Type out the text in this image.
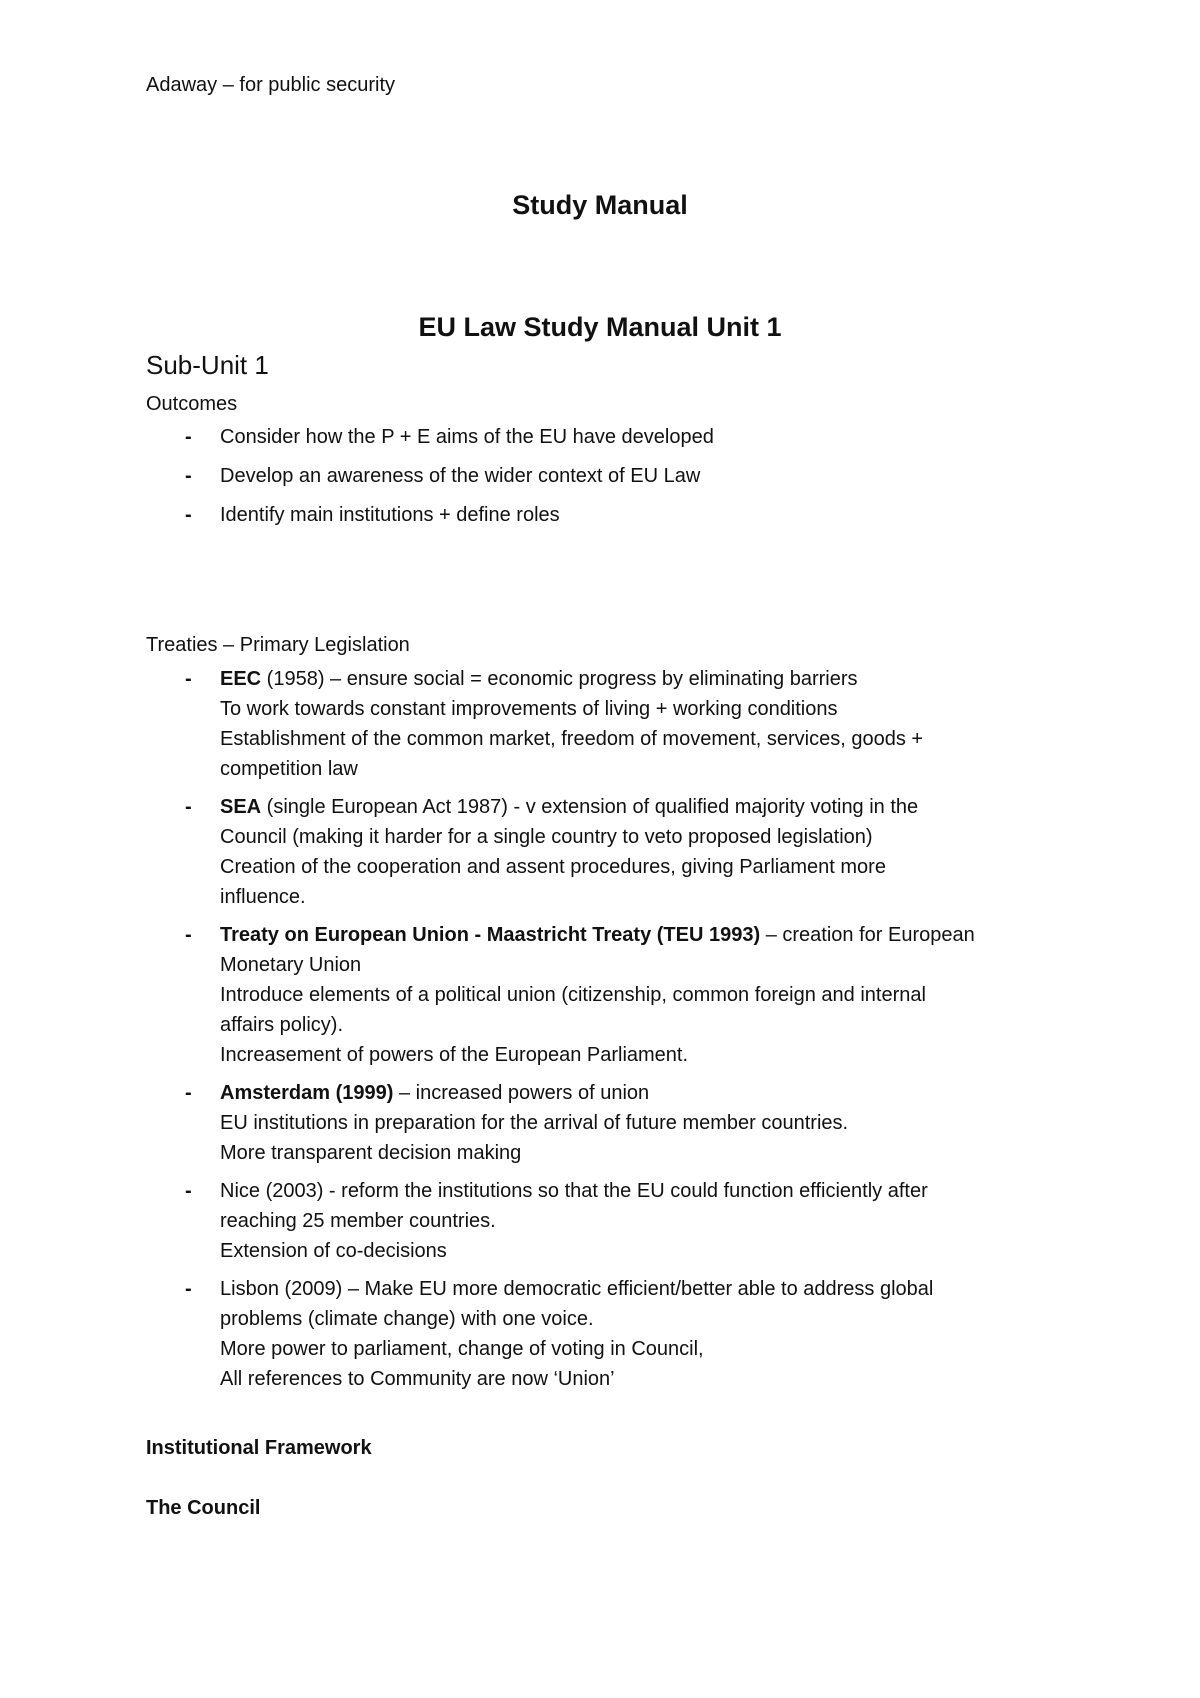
Adaway – for public security
Study Manual
EU Law Study Manual Unit 1
Sub-Unit 1
Outcomes
- Consider how the P + E aims of the EU have developed
- Develop an awareness of the wider context of EU Law
- Identify main institutions + define roles
Treaties – Primary Legislation
- EEC (1958) – ensure social = economic progress by eliminating barriers
To work towards constant improvements of living + working conditions
Establishment of the common market, freedom of movement, services, goods +
competition law
- SEA (single European Act 1987) - v extension of qualified majority voting in the
Council (making it harder for a single country to veto proposed legislation)
Creation of the cooperation and assent procedures, giving Parliament more
influence.
- Treaty on European Union - Maastricht Treaty (TEU 1993) – creation for European
Monetary Union
Introduce elements of a political union (citizenship, common foreign and internal
affairs policy).
Increasement of powers of the European Parliament.
- Amsterdam (1999) – increased powers of union
EU institutions in preparation for the arrival of future member countries.
More transparent decision making
- Nice (2003) - reform the institutions so that the EU could function efficiently after
reaching 25 member countries.
Extension of co-decisions
- Lisbon (2009) – Make EU more democratic efficient/better able to address global
problems (climate change) with one voice.
More power to parliament, change of voting in Council,
All references to Community are now ‘Union’
Institutional Framework
The Council
